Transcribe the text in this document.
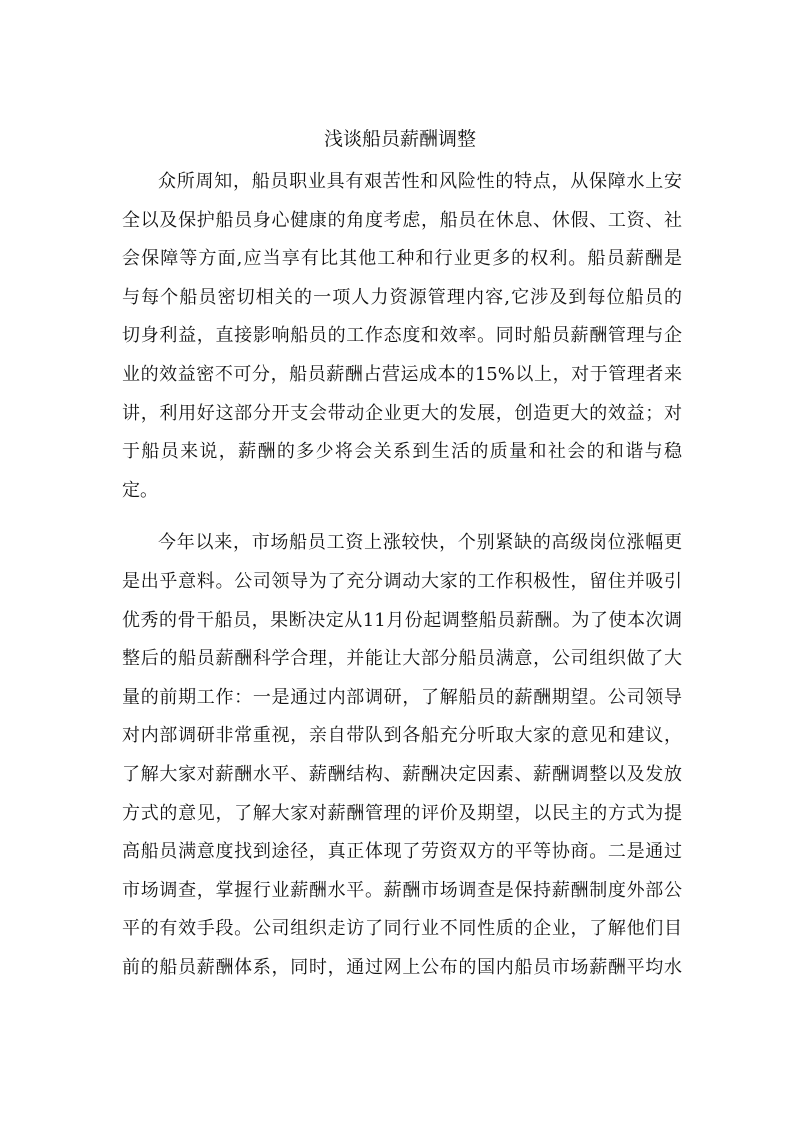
浅谈船员薪酬调整
众所周知，船员职业具有艰苦性和风险性的特点，从保障水上安
全以及保护船员身心健康的角度考虑，船员在休息、休假、工资、社
会保障等方面,应当享有比其他工种和行业更多的权利。船员薪酬是
与每个船员密切相关的一项人力资源管理内容,它涉及到每位船员的
切身利益，直接影响船员的工作态度和效率。同时船员薪酬管理与企
业的效益密不可分，船员薪酬占营运成本的15%以上，对于管理者来
讲，利用好这部分开支会带动企业更大的发展，创造更大的效益；对
于船员来说，薪酬的多少将会关系到生活的质量和社会的和谐与稳
定。
今年以来，市场船员工资上涨较快，个别紧缺的高级岗位涨幅更
是出乎意料。公司领导为了充分调动大家的工作积极性，留住并吸引
优秀的骨干船员，果断决定从11月份起调整船员薪酬。为了使本次调
整后的船员薪酬科学合理，并能让大部分船员满意，公司组织做了大
量的前期工作：一是通过内部调研，了解船员的薪酬期望。公司领导
对内部调研非常重视，亲自带队到各船充分听取大家的意见和建议，
了解大家对薪酬水平、薪酬结构、薪酬决定因素、薪酬调整以及发放
方式的意见，了解大家对薪酬管理的评价及期望，以民主的方式为提
高船员满意度找到途径，真正体现了劳资双方的平等协商。二是通过
市场调查，掌握行业薪酬水平。薪酬市场调查是保持薪酬制度外部公
平的有效手段。公司组织走访了同行业不同性质的企业，了解他们目
前的船员薪酬体系，同时，通过网上公布的国内船员市场薪酬平均水
